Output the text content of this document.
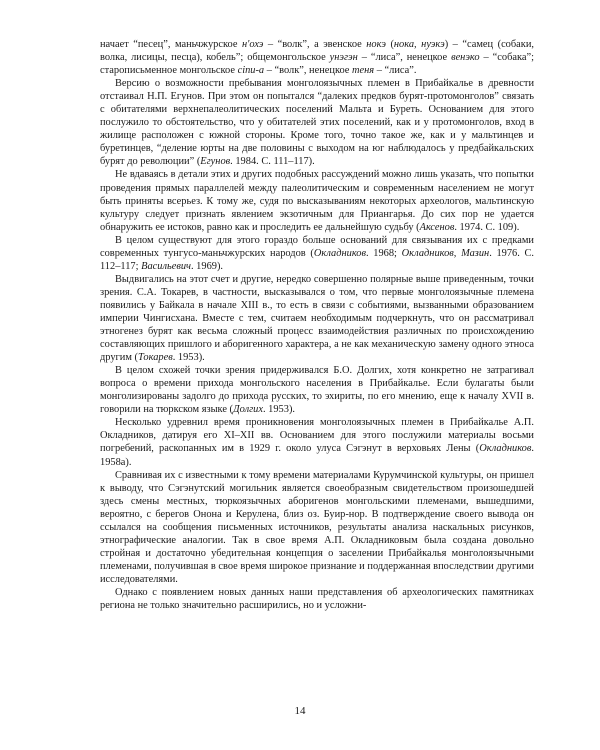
начает “песец”, маньчжурское н'охэ – “волк”, а эвенское нокэ (нока, нуэкэ) – “самец (собаки, волка, лисицы, песца), кобель”; общемонгольское унэгэн – “лиса”, ненецкое венэко – “собака”; старописьменное монгольское сіпи-а – “волк”, ненецкое теня – “лиса”.

Версию о возможности пребывания монголоязычных племен в Прибайкалье в древности отстаивал Н.П. Егунов. При этом он попытался “далеких предков бурят-протомонголов” связать с обитателями верхнепалеолитических поселений Мальта и Буреть. Основанием для этого послужило то обстоятельство, что у обитателей этих поселений, как и у протомонголов, вход в жилище расположен с южной стороны. Кроме того, точно такое же, как и у мальтинцев и буретинцев, “деление юрты на две половины с выходом на юг наблюдалось у предбайкальских бурят до революции” (Егунов. 1984. С. 111–117).

Не вдаваясь в детали этих и других подобных рассуждений можно лишь указать, что попытки проведения прямых параллелей между палеолитическим и современным населением не могут быть приняты всерьез. К тому же, судя по высказываниям некоторых археологов, мальтинскую культуру следует признать явлением экзотичным для Приангарья. До сих пор не удается обнаружить ее истоков, равно как и проследить ее дальнейшую судьбу (Аксенов. 1974. С. 109).

В целом существуют для этого гораздо больше оснований для связывания их с предками современных тунгусо-маньчжурских народов (Окладников. 1968; Окладников, Мазин. 1976. С. 112–117; Васильевич. 1969).

Выдвигались на этот счет и другие, нередко совершенно полярные выше приведенным, точки зрения. С.А. Токарев, в частности, высказывался о том, что первые монголоязычные племена появились у Байкала в начале XIII в., то есть в связи с событиями, вызванными образованием империи Чингисхана. Вместе с тем, считаем необходимым подчеркнуть, что он рассматривал этногенез бурят как весьма сложный процесс взаимодействия различных по происхождению составляющих пришлого и аборигенного характера, а не как механическую замену одного этноса другим (Токарев. 1953).

В целом схожей точки зрения придерживался Б.О. Долгих, хотя конкретно не затрагивал вопроса о времени прихода монгольского населения в Прибайкалье. Если булагаты были монголизированы задолго до прихода русских, то эхириты, по его мнению, еще к началу XVII в. говорили на тюркском языке (Долгих. 1953).

Несколько удревнил время проникновения монголоязычных племен в Прибайкалье А.П. Окладников, датируя его XI–XII вв. Основанием для этого послужили материалы восьми погребений, раскопанных им в 1929 г. около улуса Сэгэнут в верховьях Лены (Окладников. 1958а).

Сравнивая их с известными к тому времени материалами Курумчинской культуры, он пришел к выводу, что Сэгэнутский могильник является своеобразным свидетельством произошедшей здесь смены местных, тюркоязычных аборигенов монгольскими племенами, вышедшими, вероятно, с берегов Онона и Керулена, близ оз. Буир-нор. В подтверждение своего вывода он ссылался на сообщения письменных источников, результаты анализа наскальных рисунков, этнографические аналогии. Так в свое время А.П. Окладниковым была создана довольно стройная и достаточно убедительная концепция о заселении Прибайкалья монголоязычными племенами, получившая в свое время широкое признание и поддержанная впоследствии другими исследователями.

Однако с появлением новых данных наши представления об археологических памятниках региона не только значительно расширились, но и усложни-

14
